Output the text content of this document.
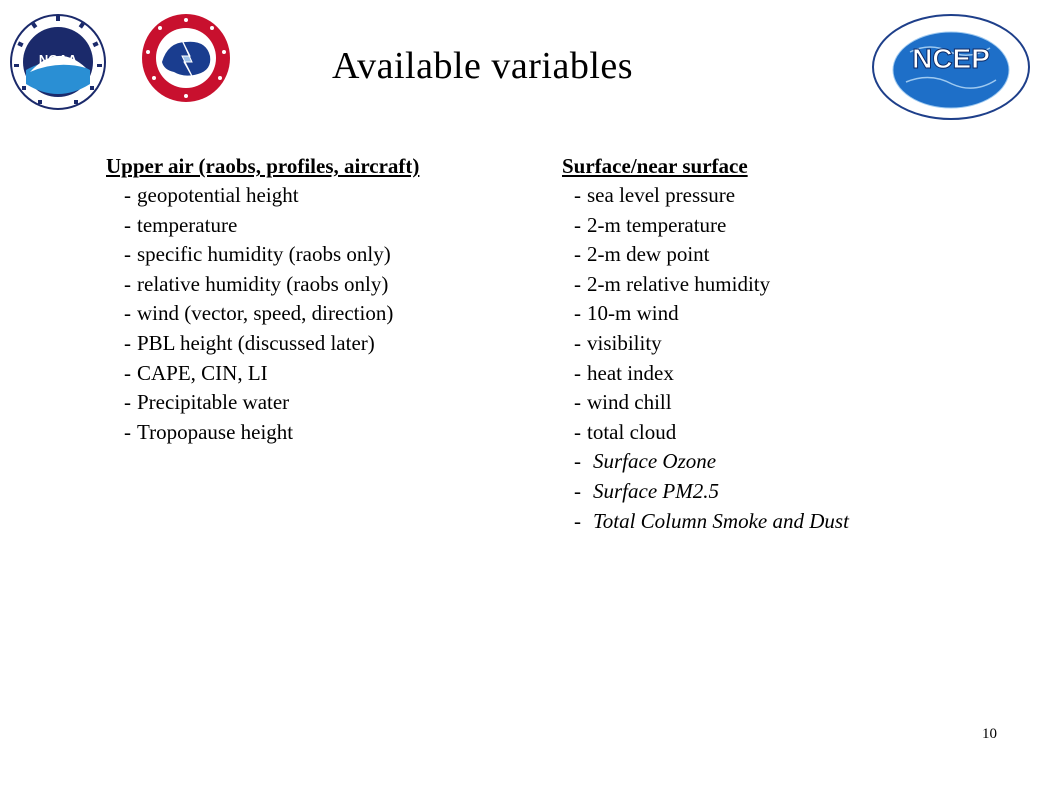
NOAA	NCEP
Available variables
Upper air (raobs, profiles, aircraft)
- geopotential height
- temperature
- specific humidity (raobs only)
- relative humidity (raobs only)
- wind (vector, speed, direction)
- PBL height (discussed later)
- CAPE, CIN, LI
- Precipitable water
- Tropopause height
Surface/near surface
- sea level pressure
- 2-m temperature
- 2-m dew point
- 2-m relative humidity
- 10-m wind
- visibility
- heat index
- wind chill
- total cloud
- Surface Ozone
- Surface PM2.5
- Total Column Smoke and Dust
10
